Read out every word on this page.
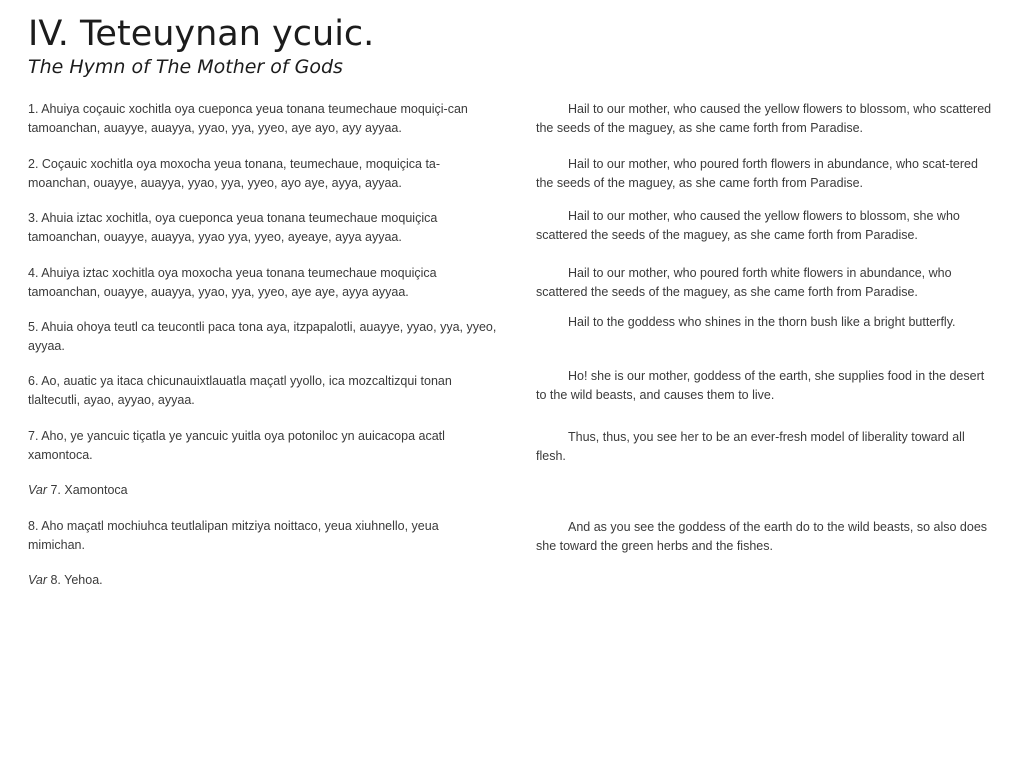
IV. Teteuynan ycuic.
The Hymn of The Mother of Gods

1. Ahuiya coçauic xochitla oya cueponca yeua tonana teumechaue moquiçi-can tamoanchan, auayye, auayya, yyao, yya, yyeo, aye ayo, ayy ayyaa.

2. Coçauic xochitla oya moxocha yeua tonana, teumechaue, moquiçica ta-moanchan, ouayye, auayya, yyao, yya, yyeo, ayo aye, ayya, ayyaa.

3. Ahuia iztac xochitla, oya cueponca yeua tonana teumechaue moquiçica tamoanchan, ouayye, auayya, yyao yya, yyeo, ayeaye, ayya ayyaa.

4. Ahuiya iztac xochitla oya moxocha yeua tonana teumechaue moquiçica tamoanchan, ouayye, auayya, yyao, yya, yyeo, aye aye, ayya ayyaa.

5. Ahuia ohoya teutl ca teucontli paca tona aya, itzpapalotli, auayye, yyao, yya, yyeo, ayyaa.

6. Ao, auatic ya itaca chicunauixtlauatla maçatl yyollo, ica mozcaltizqui tonan tlaltecutli, ayao, ayyao, ayyaa.

7. Aho, ye yancuic tiçatla ye yancuic yuitla oya potoniloc yn auicacopa acatl xamontoca.

Var 7. Xamontoca

8. Aho maçatl mochiuhca teutlalipan mitziya noittaco, yeua xiuhnello, yeua mimichan.

Var 8. Yehoa.

Hail to our mother, who caused the yellow flowers to blossom, who scattered the seeds of the maguey, as she came forth from Paradise.

Hail to our mother, who poured forth flowers in abundance, who scat-tered the seeds of the maguey, as she came forth from Paradise.

Hail to our mother, who caused the yellow flowers to blossom, she who scattered the seeds of the maguey, as she came forth from Paradise.

Hail to our mother, who poured forth white flowers in abundance, who scattered the seeds of the maguey, as she came forth from Paradise.

Hail to the goddess who shines in the thorn bush like a bright butterfly.

Ho! she is our mother, goddess of the earth, she supplies food in the desert to the wild beasts, and causes them to live.

Thus, thus, you see her to be an ever-fresh model of liberality toward all flesh.

And as you see the goddess of the earth do to the wild beasts, so also does she toward the green herbs and the fishes.
